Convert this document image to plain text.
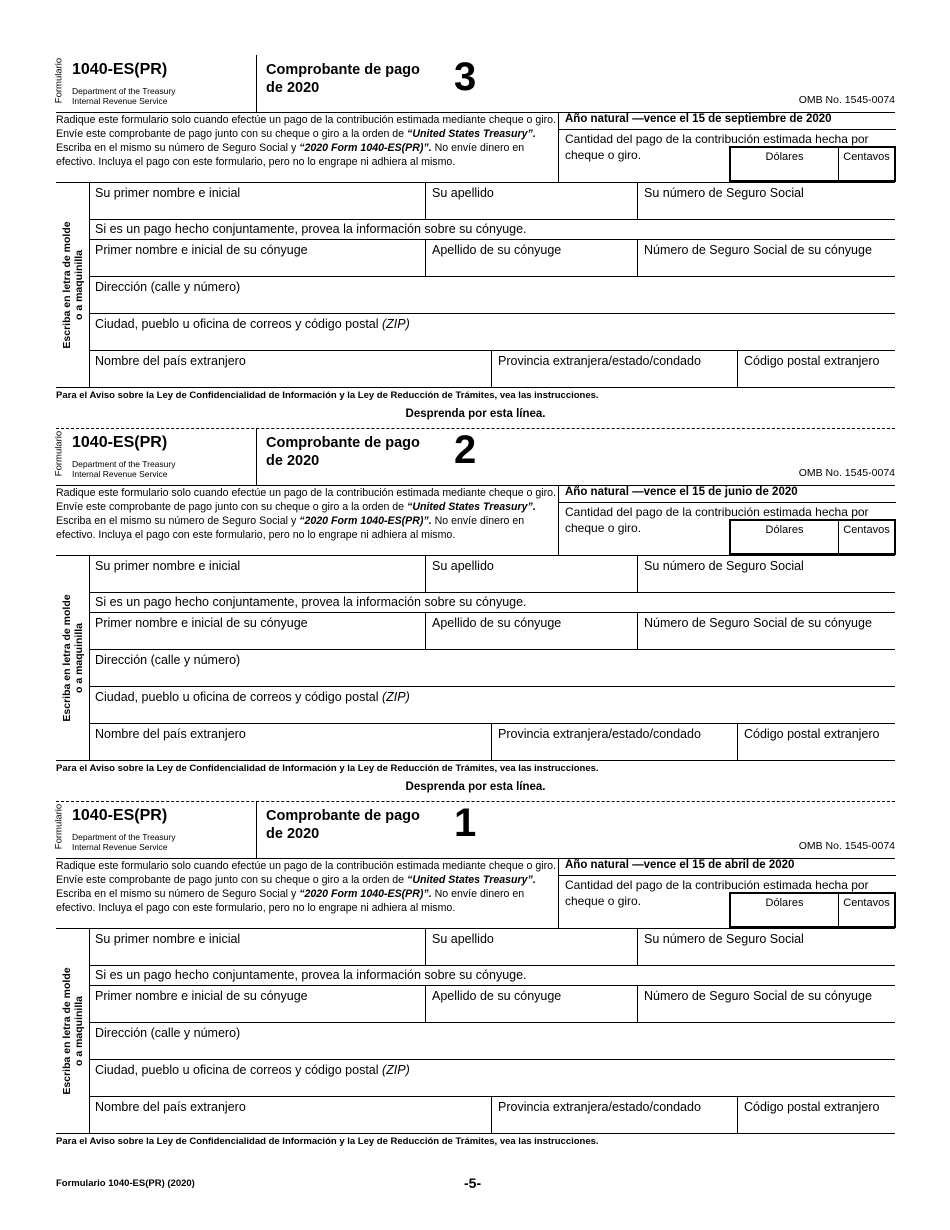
Formulario 1040-ES(PR)
Department of the Treasury
Internal Revenue Service
Comprobante de pago
de 2020	3
OMB No. 1545-0074
Radique este formulario solo cuando efectúe un pago de la contribución estimada mediante cheque o giro. Envíe este comprobante de pago junto con su cheque o giro a la orden de “United States Treasury”. Escriba en el mismo su número de Seguro Social y “2020 Form 1040-ES(PR)”. No envíe dinero en efectivo. Incluya el pago con este formulario, pero no lo engrape ni adhiera al mismo.
Año natural —vence el 15 de septiembre de 2020
Cantidad del pago de la contribución estimada hecha por cheque o giro.	Dólares	Centavos
Escriba en letra de molde
o a maquinilla
Su primer nombre e inicial	Su apellido	Su número de Seguro Social
Si es un pago hecho conjuntamente, provea la información sobre su cónyuge.
Primer nombre e inicial de su cónyuge	Apellido de su cónyuge	Número de Seguro Social de su cónyuge
Dirección (calle y número)
Ciudad, pueblo u oficina de correos y código postal (ZIP)
Nombre del país extranjero	Provincia extranjera/estado/condado	Código postal extranjero
Para el Aviso sobre la Ley de Confidencialidad de Información y la Ley de Reducción de Trámites, vea las instrucciones.
Desprenda por esta línea.
Formulario 1040-ES(PR)
Department of the Treasury
Internal Revenue Service
Comprobante de pago
de 2020	2
OMB No. 1545-0074
Radique este formulario solo cuando efectúe un pago de la contribución estimada mediante cheque o giro. Envíe este comprobante de pago junto con su cheque o giro a la orden de “United States Treasury”. Escriba en el mismo su número de Seguro Social y “2020 Form 1040-ES(PR)”. No envíe dinero en efectivo. Incluya el pago con este formulario, pero no lo engrape ni adhiera al mismo.
Año natural —vence el 15 de junio de 2020
Cantidad del pago de la contribución estimada hecha por cheque o giro.	Dólares	Centavos
Escriba en letra de molde
o a maquinilla
Su primer nombre e inicial	Su apellido	Su número de Seguro Social
Si es un pago hecho conjuntamente, provea la información sobre su cónyuge.
Primer nombre e inicial de su cónyuge	Apellido de su cónyuge	Número de Seguro Social de su cónyuge
Dirección (calle y número)
Ciudad, pueblo u oficina de correos y código postal (ZIP)
Nombre del país extranjero	Provincia extranjera/estado/condado	Código postal extranjero
Para el Aviso sobre la Ley de Confidencialidad de Información y la Ley de Reducción de Trámites, vea las instrucciones.
Desprenda por esta línea.
Formulario 1040-ES(PR)
Department of the Treasury
Internal Revenue Service
Comprobante de pago
de 2020	1
OMB No. 1545-0074
Radique este formulario solo cuando efectúe un pago de la contribución estimada mediante cheque o giro. Envíe este comprobante de pago junto con su cheque o giro a la orden de “United States Treasury”. Escriba en el mismo su número de Seguro Social y “2020 Form 1040-ES(PR)”. No envíe dinero en efectivo. Incluya el pago con este formulario, pero no lo engrape ni adhiera al mismo.
Año natural —vence el 15 de abril de 2020
Cantidad del pago de la contribución estimada hecha por cheque o giro.	Dólares	Centavos
Escriba en letra de molde
o a maquinilla
Su primer nombre e inicial	Su apellido	Su número de Seguro Social
Si es un pago hecho conjuntamente, provea la información sobre su cónyuge.
Primer nombre e inicial de su cónyuge	Apellido de su cónyuge	Número de Seguro Social de su cónyuge
Dirección (calle y número)
Ciudad, pueblo u oficina de correos y código postal (ZIP)
Nombre del país extranjero	Provincia extranjera/estado/condado	Código postal extranjero
Para el Aviso sobre la Ley de Confidencialidad de Información y la Ley de Reducción de Trámites, vea las instrucciones.
Formulario 1040-ES(PR) (2020)	-5-
